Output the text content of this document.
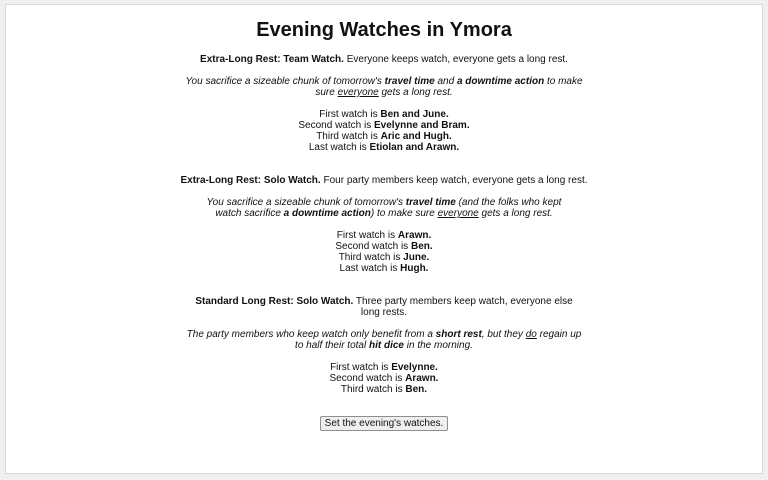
Evening Watches in Ymora

Extra-Long Rest: Team Watch. Everyone keeps watch, everyone gets a long rest.

You sacrifice a sizeable chunk of tomorrow's travel time and a downtime action to make sure everyone gets a long rest.

First watch is Ben and June.
Second watch is Evelynne and Bram.
Third watch is Aric and Hugh.
Last watch is Etiolan and Arawn.

Extra-Long Rest: Solo Watch. Four party members keep watch, everyone gets a long rest.

You sacrifice a sizeable chunk of tomorrow's travel time (and the folks who kept watch sacrifice a downtime action) to make sure everyone gets a long rest.

First watch is Arawn.
Second watch is Ben.
Third watch is June.
Last watch is Hugh.

Standard Long Rest: Solo Watch. Three party members keep watch, everyone else long rests.

The party members who keep watch only benefit from a short rest, but they do regain up to half their total hit dice in the morning.

First watch is Evelynne.
Second watch is Arawn.
Third watch is Ben.
Set the evening's watches.
